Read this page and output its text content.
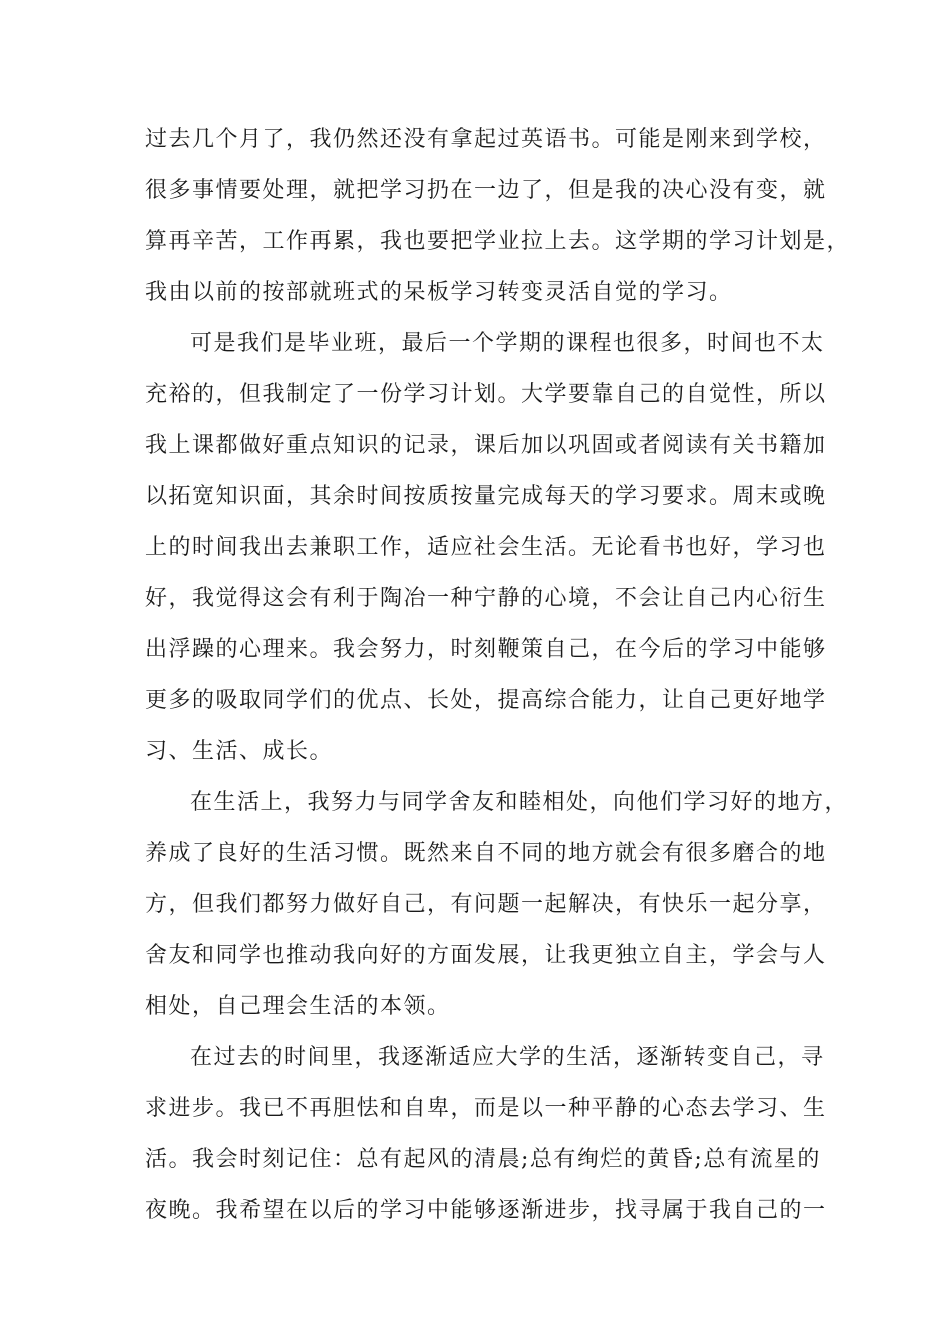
过去几个月了，我仍然还没有拿起过英语书。可能是刚来到学校，
很多事情要处理，就把学习扔在一边了，但是我的决心没有变，就
算再辛苦，工作再累，我也要把学业拉上去。这学期的学习计划是，
我由以前的按部就班式的呆板学习转变灵活自觉的学习。
可是我们是毕业班，最后一个学期的课程也很多，时间也不太
充裕的，但我制定了一份学习计划。大学要靠自己的自觉性，所以
我上课都做好重点知识的记录，课后加以巩固或者阅读有关书籍加
以拓宽知识面，其余时间按质按量完成每天的学习要求。周末或晚
上的时间我出去兼职工作，适应社会生活。无论看书也好，学习也
好，我觉得这会有利于陶冶一种宁静的心境，不会让自己内心衍生
出浮躁的心理来。我会努力，时刻鞭策自己，在今后的学习中能够
更多的吸取同学们的优点、长处，提高综合能力，让自己更好地学
习、生活、成长。
在生活上，我努力与同学舍友和睦相处，向他们学习好的地方，
养成了良好的生活习惯。既然来自不同的地方就会有很多磨合的地
方，但我们都努力做好自己，有问题一起解决，有快乐一起分享，
舍友和同学也推动我向好的方面发展，让我更独立自主，学会与人
相处，自己理会生活的本领。
在过去的时间里，我逐渐适应大学的生活，逐渐转变自己，寻
求进步。我已不再胆怯和自卑，而是以一种平静的心态去学习、生
活。我会时刻记住：总有起风的清晨;总有绚烂的黄昏;总有流星的
夜晚。我希望在以后的学习中能够逐渐进步，找寻属于我自己的一
